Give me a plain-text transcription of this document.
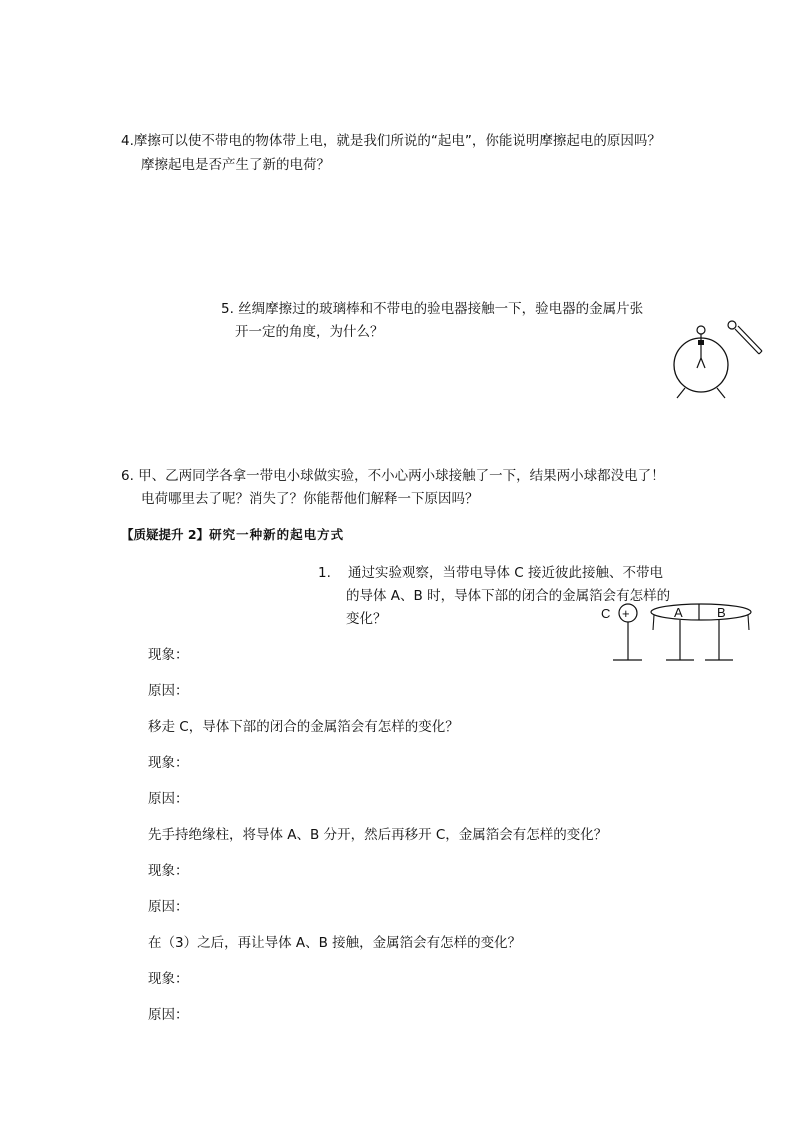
4.摩擦可以使不带电的物体带上电，就是我们所说的“起电”，你能说明摩擦起电的原因吗？
摩擦起电是否产生了新的电荷？
5. 丝绸摩擦过的玻璃棒和不带电的验电器接触一下，验电器的金属片张
开一定的角度，为什么？
6. 甲、乙两同学各拿一带电小球做实验，不小心两小球接触了一下，结果两小球都没电了！
电荷哪里去了呢？消失了？你能帮他们解释一下原因吗？
【质疑提升 2】研究一种新的起电方式
1. 通过实验观察，当带电导体 C 接近彼此接触、不带电
的导体 A、B 时，导体下部的闭合的金属箔会有怎样的
变化？	C +	A	B
现象：
原因：
移走 C，导体下部的闭合的金属箔会有怎样的变化？
现象：
原因：
先手持绝缘柱，将导体 A、B 分开，然后再移开 C，金属箔会有怎样的变化？
现象：
原因：
在（3）之后，再让导体 A、B 接触，金属箔会有怎样的变化？
现象：
原因：
